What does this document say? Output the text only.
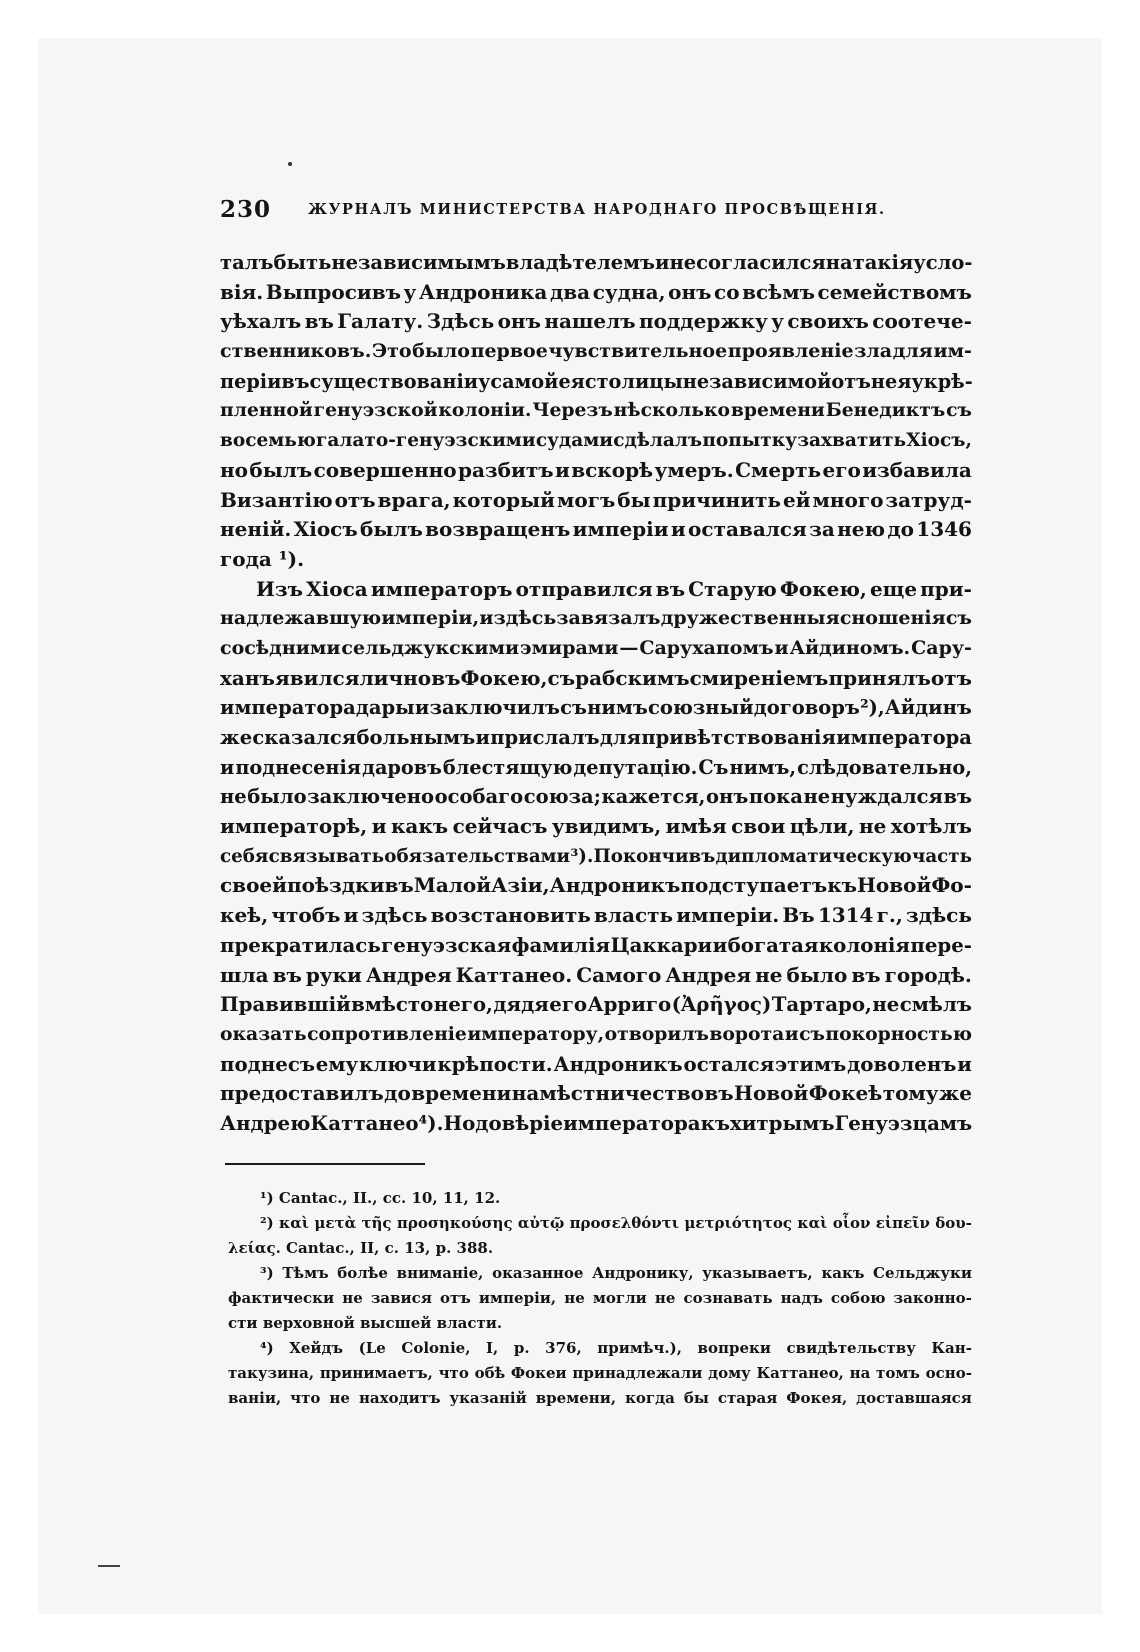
230	ЖУРНАЛЪ МИНИСТЕРСТВА НАРОДНАГО ПРОСВѢЩЕНІЯ.
талъ быть независимымъ владѣтелемъ и не согласился на такія усло-
вія. Выпросивъ у Андроника два судна, онъ со всѣмъ семействомъ
уѣхалъ въ Галату. Здѣсь онъ нашелъ поддержку у своихъ соотече-
ственниковъ. Это было первое чувствительное проявленіе зла для им-
періи въ существованіи у самой ея столицы независимой отъ нея укрѣ-
пленной генуэзской колоніи. Черезъ нѣсколько времени Бенедиктъ съ
восемью галато-генуэзскими судами сдѣлалъ попытку захватить Хіосъ,
но былъ совершенно разбитъ и вскорѣ умеръ. Смерть его избавила
Византію отъ врага, который могъ бы причинить ей много затруд-
неній. Хіосъ былъ возвращенъ имперіи и оставался за нею до 1346
года ¹).
Изъ Хіоса императоръ отправился въ Старую Фокею, еще при-
надлежавшую имперіи, и здѣсь завязалъ дружественныя сношенія съ
сосѣдними сельджукскими эмирами — Сарухапомъ и Айдиномъ. Сару-
ханъ явился лично въ Фокею, съ рабскимъ смиреніемъ принялъ отъ
императора дары и заключилъ съ нимъ союзный договоръ ²), Айдинъ
же сказался больнымъ и прислалъ для привѣтствованія императора
и поднесенія даровъ блестящую депутацію. Съ нимъ, слѣдовательно,
не было заключено особаго союза; кажется, онъ пока не нуждался въ
императорѣ, и какъ сейчасъ увидимъ, имѣя свои цѣли, не хотѣлъ
себя связывать обязательствами ³). Покончивъ дипломатическую часть
своей поѣздки въ Малой Азіи, Андроникъ подступаетъ къ Новой Фо-
кеѣ, чтобъ и здѣсь возстановить власть имперіи. Въ 1314 г., здѣсь
прекратилась генуэзская фамилія Цаккари и богатая колонія пере-
шла въ руки Андрея Каттанео. Самого Андрея не было въ городѣ.
Правившій вмѣсто него, дядя его Арриго (Ἀρῆγος) Тартаро, не смѣлъ
оказать сопротивленіе императору, отворилъ ворота и съ покорностью
поднесъ ему ключи крѣпости. Андроникъ остался этимъ доволенъ и
предоставилъ до времени намѣстничество въ Новой Фокеѣ тому же
Андрею Каттанео ⁴). Но довѣріе императора къ хитрымъ Генуэзцамъ
¹) Cantac., II., cc. 10, 11, 12.
²) καὶ μετὰ τῆς προσηκούσης αὐτῷ προσελθόντι μετριότητος καὶ οἷον εἰπεῖν δου-
λείας. Cantac., II, c. 13, p. 388.
³) Тѣмъ болѣе вниманіе, оказанное Андронику, указываетъ, какъ Сельджуки
фактически не завися отъ имперіи, не могли не сознавать надъ собою законно-
сти верховной высшей власти.
⁴) Хейдъ (Le Colonie, I, p. 376, примѣч.), вопреки свидѣтельству Кан-
такузина, принимаетъ, что обѣ Фокеи принадлежали дому Каттанео, на томъ осно-
ваніи, что не находитъ указаній времени, когда бы старая Фокея, доставшаяся
